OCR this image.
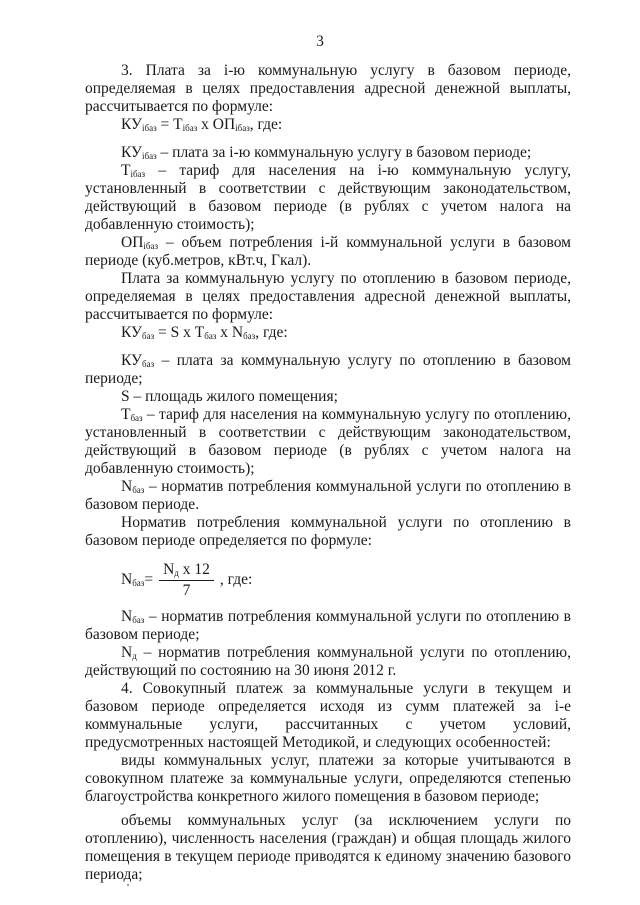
3

3. Плата за i-ю коммунальную услугу в базовом периоде, определяемая в целях предоставления адресной денежной выплаты, рассчитывается по формуле:

$КУ_{iбаз} = Т_{iбаз}$ х $ОП_{iбаз}$, где:

$КУ_{iбаз}$ – плата за i-ю коммунальную услугу в базовом периоде;

$Т_{iбаз}$ – тариф для населения на i-ю коммунальную услугу, установленный в соответствии с действующим законодательством, действующий в базовом периоде (в рублях с учетом налога на добавленную стоимость);

$ОП_{iбаз}$ – объем потребления i-й коммунальной услуги в базовом периоде (куб.метров, кВт.ч, Гкал).

Плата за коммунальную услугу по отоплению в базовом периоде, определяемая в целях предоставления адресной денежной выплаты, рассчитывается по формуле:

$КУ_{баз} = S$ х $Т_{баз}$ х $N_{баз}$, где:

$КУ_{баз}$ – плата за коммунальную услугу по отоплению в базовом периоде;

S – площадь жилого помещения;

$Т_{баз}$ – тариф для населения на коммунальную услугу по отоплению, установленный в соответствии с действующим законодательством, действующий в базовом периоде (в рублях с учетом налога на добавленную стоимость);

$N_{баз}$ – норматив потребления коммунальной услуги по отоплению в базовом периоде.

Норматив потребления коммунальной услуги по отоплению в базовом периоде определяется по формуле:

$N_{баз} = \frac{N_д х 12}{7}$ , где:

$N_{баз}$ – норматив потребления коммунальной услуги по отоплению в базовом периоде;

$N_д$ – норматив потребления коммунальной услуги по отоплению, действующий по состоянию на 30 июня 2012 г.

4. Совокупный платеж за коммунальные услуги в текущем и базовом периоде определяется исходя из сумм платежей за i-е коммунальные услуги, рассчитанных с учетом условий, предусмотренных настоящей Методикой, и следующих особенностей:

виды коммунальных услуг, платежи за которые учитываются в совокупном платеже за коммунальные услуги, определяются степенью благоустройства конкретного жилого помещения в базовом периоде;

объемы коммунальных услуг (за исключением услуги по отоплению), численность населения (граждан) и общая площадь жилого помещения в текущем периоде приводятся к единому значению базового периода;
